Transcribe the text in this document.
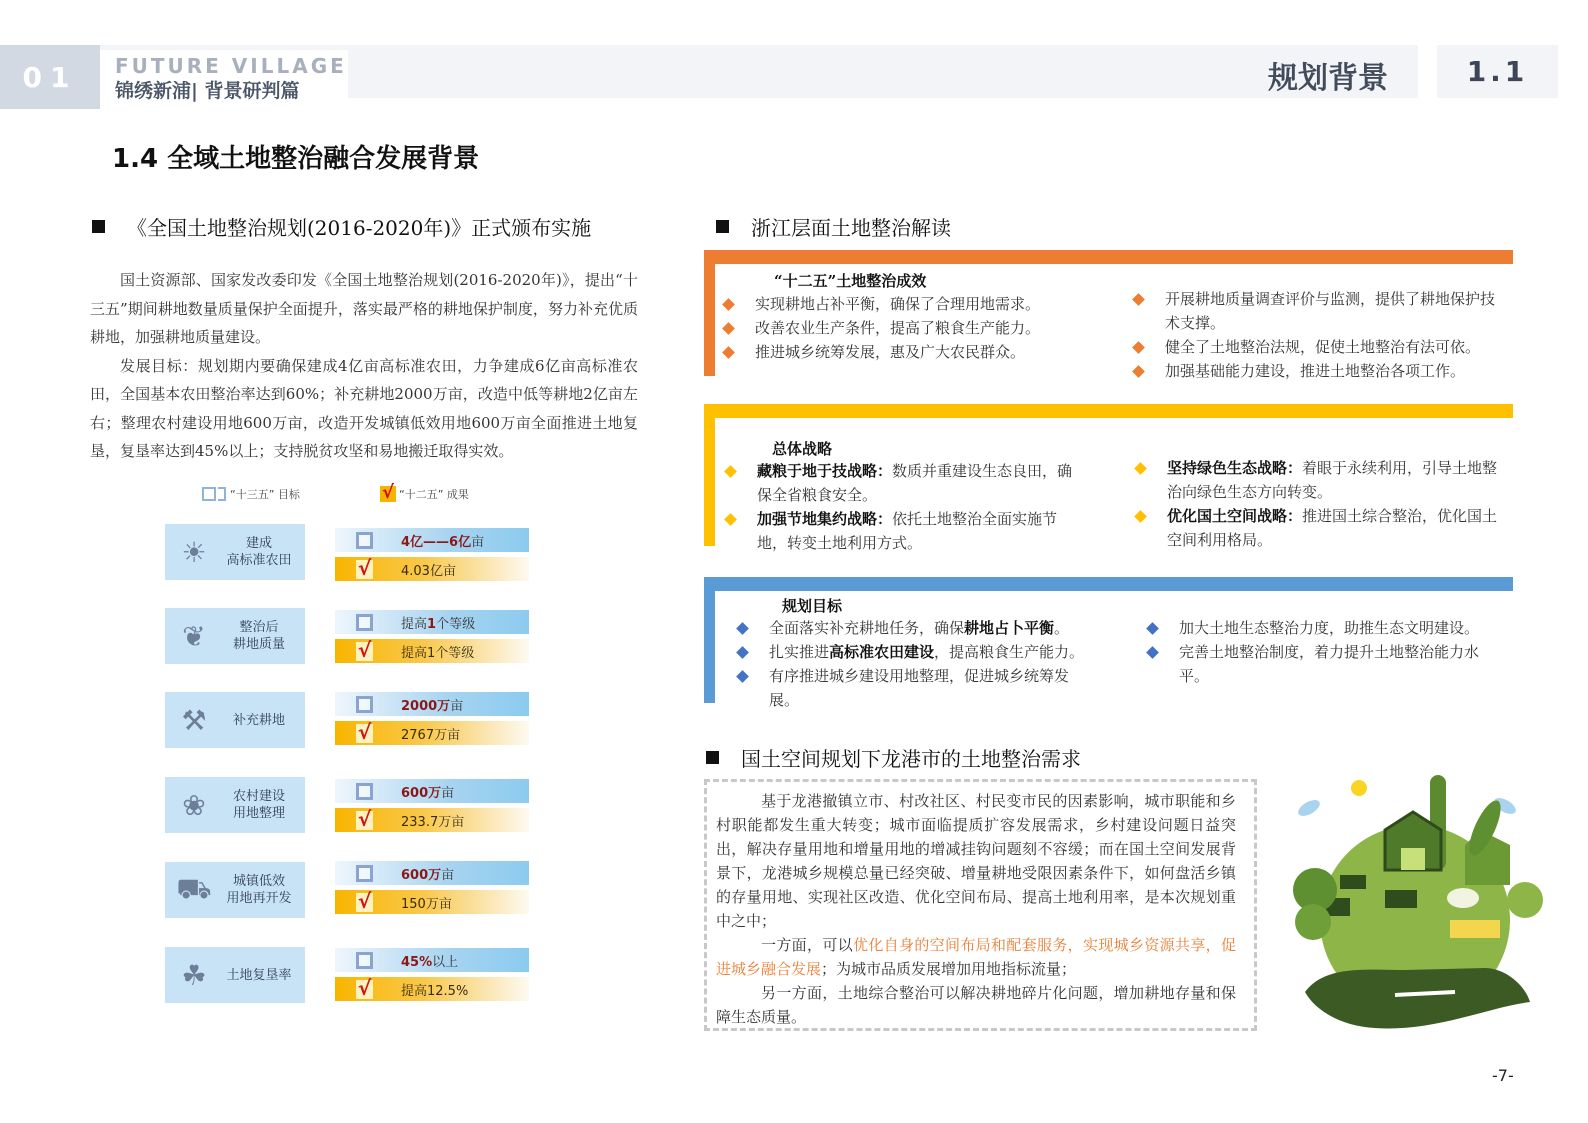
01	FUTURE VILLAGE
锦绣新浦| 背景研判篇	规划背景	1.1
1.4 全域土地整治融合发展背景
《全国土地整治规划(2016-2020年)》正式颁布实施

国土资源部、国家发改委印发《全国土地整治规划(2016-2020年)》，提出“十三五”期间耕地数量质量保护全面提升，落实最严格的耕地保护制度，努力补充优质耕地，加强耕地质量建设。

发展目标：规划期内要确保建成4亿亩高标准农田，力争建成6亿亩高标准农田，全国基本农田整治率达到60%；补充耕地2000万亩，改造中低等耕地2亿亩左右；整理农村建设用地600万亩，改造开发城镇低效用地600万亩全面推进土地复垦，复垦率达到45%以上；支持脱贫攻坚和易地搬迁取得实效。

“十三五” 目标	√ “十二五” 成果
☀	建成
高标准农田
4亿——6亿亩
√ 4.03亿亩
❦	整治后
耕地质量
提高1个等级
√ 提高1个等级
⚒	补充耕地

2000万亩
√ 2767万亩
❀	农村建设
用地整理
600万亩
√ 233.7万亩
⛟	城镇低效
用地再开发
600万亩
√ 150万亩
☘	土地复垦率

45%以上
√ 提高12.5%
浙江层面土地整治解读
“十二五”土地整治成效
实现耕地占补平衡，确保了合理用地需求。
改善农业生产条件，提高了粮食生产能力。
推进城乡统筹发展，惠及广大农民群众。
开展耕地质量调查评价与监测，提供了耕地保护技术支撑。
健全了土地整治法规，促使土地整治有法可依。
加强基础能力建设，推进土地整治各项工作。
总体战略
藏粮于地于技战略：数质并重建设生态良田，确保全省粮食安全。
加强节地集约战略：依托土地整治全面实施节地，转变土地利用方式。
坚持绿色生态战略：着眼于永续利用，引导土地整治向绿色生态方向转变。
优化国土空间战略：推进国土综合整治，优化国土空间利用格局。
规划目标
全面落实补充耕地任务，确保耕地占卜平衡。
扎实推进高标准农田建设，提高粮食生产能力。
有序推进城乡建设用地整理，促进城乡统筹发展。
加大土地生态整治力度，助推生态文明建设。
完善土地整治制度，着力提升土地整治能力水平。
国土空间规划下龙港市的土地整治需求

基于龙港撤镇立市、村改社区、村民变市民的因素影响，城市职能和乡村职能都发生重大转变；城市面临提质扩容发展需求，乡村建设问题日益突出，解决存量用地和增量用地的增减挂钩问题刻不容缓；而在国土空间发展背景下，龙港城乡规模总量已经突破、增量耕地受限因素条件下，如何盘活乡镇的存量用地、实现社区改造、优化空间布局、提高土地利用率，是本次规划重中之中；

一方面，可以优化自身的空间布局和配套服务，实现城乡资源共享，促进城乡融合发展；为城市品质发展增加用地指标流量；

另一方面，土地综合整治可以解决耕地碎片化问题，增加耕地存量和保障生态质量。

-7-
